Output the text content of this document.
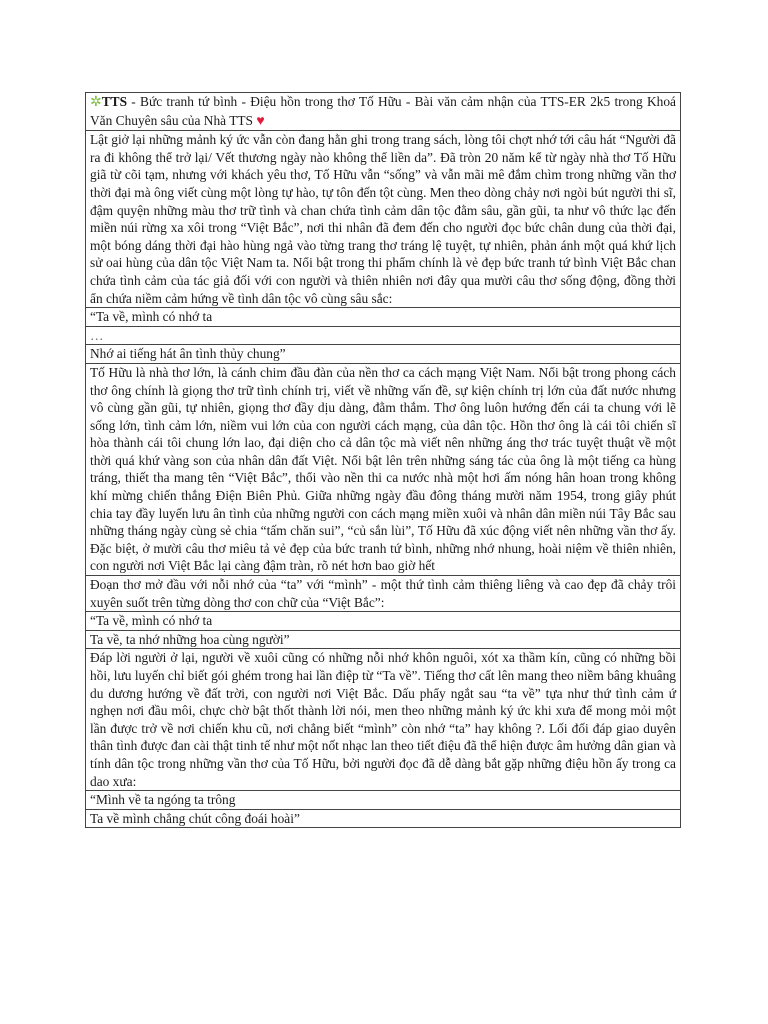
✲TTS - Bức tranh tứ bình - Điệu hồn trong thơ Tố Hữu - Bài văn cảm nhận của TTS-ER 2k5 trong Khoá Văn Chuyên sâu của Nhà TTS ♥
Lật giở lại những mảnh ký ức vẫn còn đang hằn ghi trong trang sách, lòng tôi chợt nhớ tới câu hát “Người đã ra đi không thể trở lại/ Vết thương ngày nào không thể liền da”. Đã tròn 20 năm kể từ ngày nhà thơ Tố Hữu giã từ cõi tạm, nhưng với khách yêu thơ, Tố Hữu vẫn “sống” và vẫn mãi mê đắm chìm trong những vần thơ thời đại mà ông viết cùng một lòng tự hào, tự tôn đến tột cùng. Men theo dòng chảy nơi ngòi bút người thi sĩ, đậm quyện những màu thơ trữ tình và chan chứa tình cảm dân tộc đằm sâu, gần gũi, ta như vô thức lạc đến miền núi rừng xa xôi trong “Việt Bắc”, nơi thi nhân đã đem đến cho người đọc bức chân dung của thời đại, một bóng dáng thời đại hào hùng ngả vào từng trang thơ tráng lệ tuyệt, tự nhiên, phản ánh một quá khứ lịch sử oai hùng của dân tộc Việt Nam ta. Nổi bật trong thi phẩm chính là vẻ đẹp bức tranh tứ bình Việt Bắc chan chứa tình cảm của tác giả đối với con người và thiên nhiên nơi đây qua mười câu thơ sống động, đồng thời ẩn chứa niềm cảm hứng về tình dân tộc vô cùng sâu sắc:
“Ta về, mình có nhớ ta
…
Nhớ ai tiếng hát ân tình thủy chung”
Tố Hữu là nhà thơ lớn, là cánh chim đầu đàn của nền thơ ca cách mạng Việt Nam. Nổi bật trong phong cách thơ ông chính là giọng thơ trữ tình chính trị, viết về những vấn đề, sự kiện chính trị lớn của đất nước nhưng vô cùng gần gũi, tự nhiên, giọng thơ đầy dịu dàng, đằm thắm. Thơ ông luôn hướng đến cái ta chung với lẽ sống lớn, tình cảm lớn, niềm vui lớn của con người cách mạng, của dân tộc. Hồn thơ ông là cái tôi chiến sĩ hòa thành cái tôi chung lớn lao, đại diện cho cả dân tộc mà viết nên những áng thơ trác tuyệt thuật về một thời quá khứ vàng son của nhân dân đất Việt. Nổi bật lên trên những sáng tác của ông là một tiếng ca hùng tráng, thiết tha mang tên “Việt Bắc”, thổi vào nền thi ca nước nhà một hơi ấm nóng hân hoan trong không khí mừng chiến thắng Điện Biên Phủ. Giữa những ngày đầu đông tháng mười năm 1954, trong giây phút chia tay đầy luyến lưu ân tình của những người con cách mạng miền xuôi và nhân dân miền núi Tây Bắc sau những tháng ngày cùng sẻ chia “tấm chăn sui”, “củ sắn lùi”, Tố Hữu đã xúc động viết nên những vần thơ ấy. Đặc biệt, ở mười câu thơ miêu tả vẻ đẹp của bức tranh tứ bình, những nhớ nhung, hoài niệm về thiên nhiên, con người nơi Việt Bắc lại càng đậm tràn, rõ nét hơn bao giờ hết
Đoạn thơ mở đầu với nỗi nhớ của “ta” với “mình” - một thứ tình cảm thiêng liêng và cao đẹp đã chảy trôi xuyên suốt trên từng dòng thơ con chữ của “Việt Bắc”:
“Ta về, mình có nhớ ta
Ta về, ta nhớ những hoa cùng người”
Đáp lời người ở lại, người về xuôi cũng có những nỗi nhớ khôn nguôi, xót xa thầm kín, cũng có những bồi hồi, lưu luyến chỉ biết gói ghém trong hai lần điệp từ “Ta về”. Tiếng thơ cất lên mang theo niềm bâng khuâng du dương hướng về đất trời, con người nơi Việt Bắc. Dấu phẩy ngắt sau “ta về” tựa như thứ tình cảm ứ nghẹn nơi đầu môi, chực chờ bật thốt thành lời nói, men theo những mảnh ký ức khi xưa để mong mỏi một lần được trở về nơi chiến khu cũ, nơi chẳng biết “mình” còn nhớ “ta” hay không ?. Lối đối đáp giao duyên thân tình được đan cài thật tinh tế như một nốt nhạc lan theo tiết điệu đã thể hiện được âm hưởng dân gian và tính dân tộc trong những vần thơ của Tố Hữu, bởi người đọc đã dễ dàng bắt gặp những điệu hồn ấy trong ca dao xưa:
“Mình về ta ngóng ta trông
Ta về mình chẳng chút công đoái hoài”
